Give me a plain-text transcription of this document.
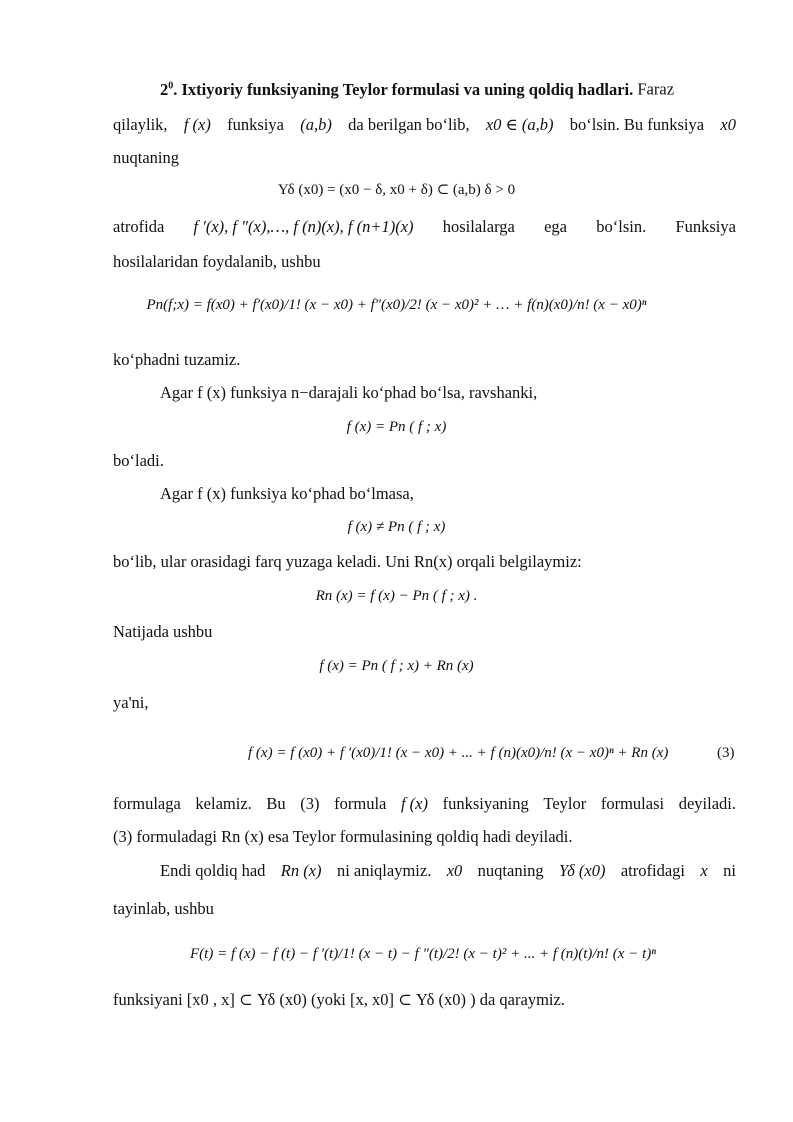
$2^0$. Ixtiyoriy funksiyaning Teylor formulasi va uning qoldiq hadlari. Faraz
qilaylik, f (x) funksiya (a,b) da berilgan bo‘lib, x0 ∈ (a,b) bo‘lsin. Bu funksiya x0
nuqtaning
Υδ (x0) = (x0 − δ, x0 + δ) ⊂ (a,b) δ > 0
atrofida f ′(x), f ″(x),…, f (n)(x), f (n+1)(x) hosilalarga ega bo‘lsin. Funksiya
hosilalaridan foydalanib, ushbu
Pn(f;x) = f(x0) + f′(x0)/1! (x − x0) + f″(x0)/2! (x − x0)² + … + f(n)(x0)/n! (x − x0)ⁿ
ko‘phadni tuzamiz.
Agar f (x) funksiya n−darajali ko‘phad bo‘lsa, ravshanki,
f (x) = Pn ( f ; x)
bo‘ladi.
Agar f (x) funksiya ko‘phad bo‘lmasa,
f (x) ≠ Pn ( f ; x)
bo‘lib, ular orasidagi farq yuzaga keladi. Uni Rn(x) orqali belgilaymiz:
Rn (x) = f (x) − Pn ( f ; x) .
Natijada ushbu
f (x) = Pn ( f ; x) + Rn (x)
ya'ni,
f (x) = f (x0) + f ′(x0)/1! (x − x0) + ... + f (n)(x0)/n! (x − x0)ⁿ + Rn (x)	(3)
formulaga kelamiz. Bu (3) formula f (x) funksiyaning Teylor formulasi deyiladi.
(3) formuladagi Rn (x) esa Teylor formulasining qoldiq hadi deyiladi.
Endi qoldiq had Rn (x) ni aniqlaymiz. x0 nuqtaning Υδ (x0) atrofidagi x ni
tayinlab, ushbu
F(t) = f (x) − f (t) − f ′(t)/1! (x − t) − f ″(t)/2! (x − t)² + ... + f (n)(t)/n! (x − t)ⁿ
funksiyani [x0 , x] ⊂ Υδ (x0) (yoki [x, x0] ⊂ Υδ (x0) ) da qaraymiz.
